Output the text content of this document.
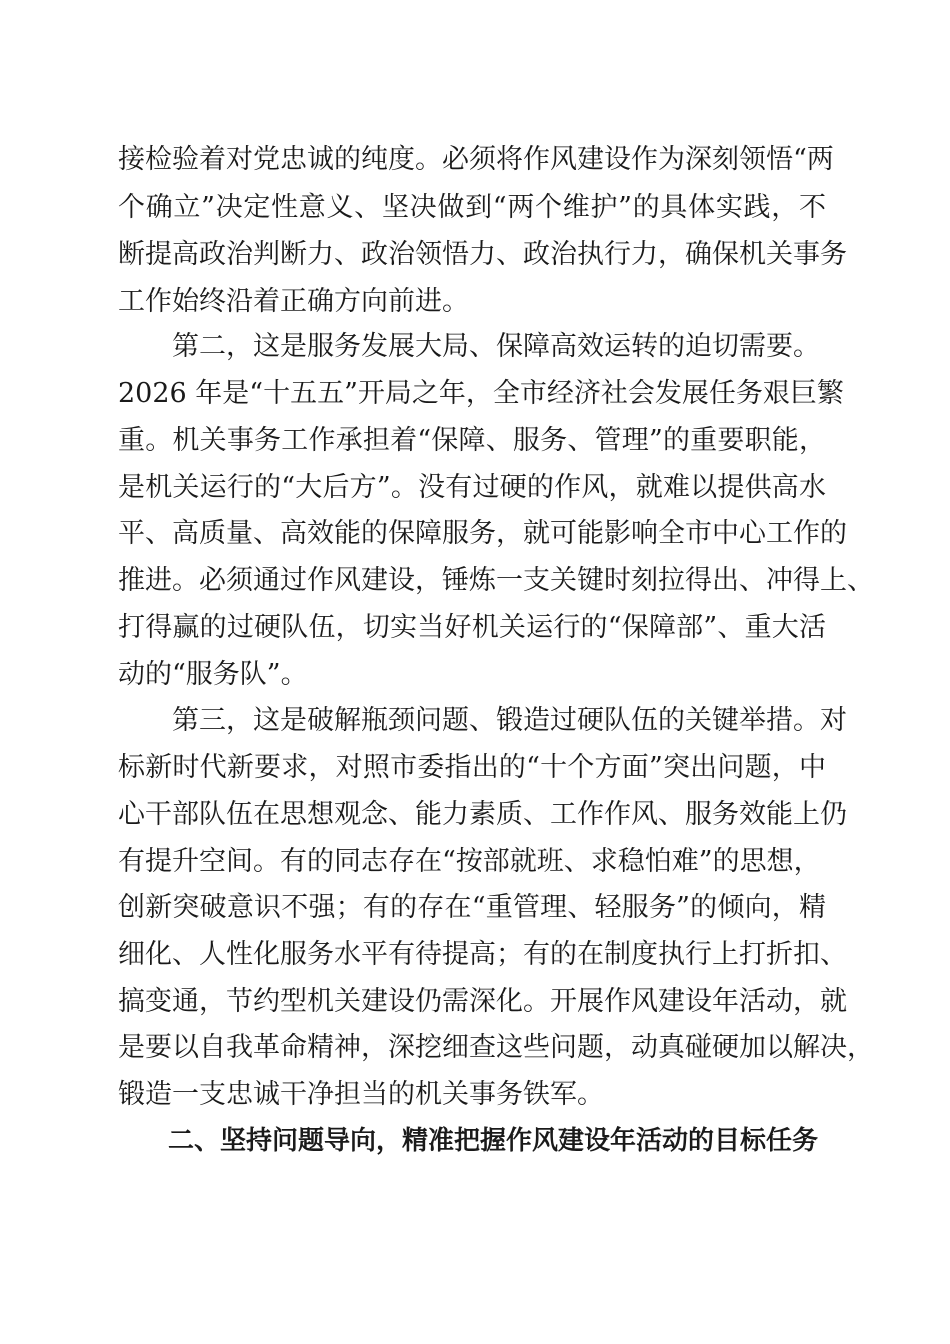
接检验着对党忠诚的纯度。必须将作风建设作为深刻领悟“两
个确立”决定性意义、坚决做到“两个维护”的具体实践，不
断提高政治判断力、政治领悟力、政治执行力，确保机关事务
工作始终沿着正确方向前进。
第二，这是服务发展大局、保障高效运转的迫切需要。
2026 年是“十五五”开局之年，全市经济社会发展任务艰巨繁
重。机关事务工作承担着“保障、服务、管理”的重要职能，
是机关运行的“大后方”。没有过硬的作风，就难以提供高水
平、高质量、高效能的保障服务，就可能影响全市中心工作的
推进。必须通过作风建设，锤炼一支关键时刻拉得出、冲得上、
打得赢的过硬队伍，切实当好机关运行的“保障部”、重大活
动的“服务队”。
第三，这是破解瓶颈问题、锻造过硬队伍的关键举措。对
标新时代新要求，对照市委指出的“十个方面”突出问题，中
心干部队伍在思想观念、能力素质、工作作风、服务效能上仍
有提升空间。有的同志存在“按部就班、求稳怕难”的思想，
创新突破意识不强；有的存在“重管理、轻服务”的倾向，精
细化、人性化服务水平有待提高；有的在制度执行上打折扣、
搞变通，节约型机关建设仍需深化。开展作风建设年活动，就
是要以自我革命精神，深挖细查这些问题，动真碰硬加以解决，
锻造一支忠诚干净担当的机关事务铁军。
二、坚持问题导向，精准把握作风建设年活动的目标任务
